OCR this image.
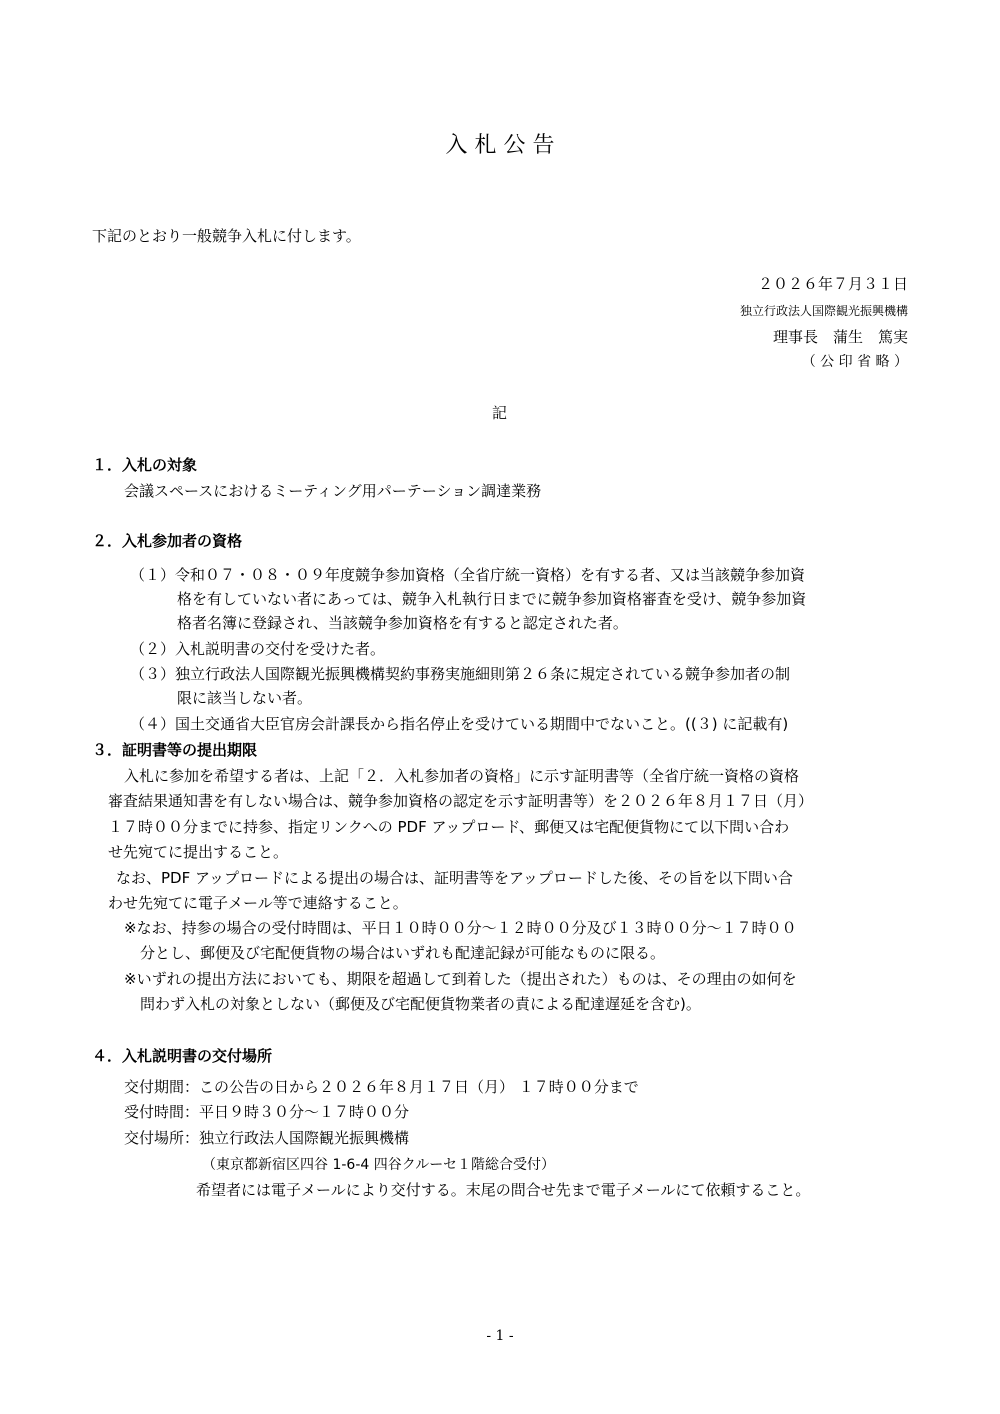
入 札 公 告
下記のとおり一般競争入札に付します。
２０２６年７月３１日
独立行政法人国際観光振興機構
理事長　蒲生　篤実
（ 公 印 省 略 ）
記
１．入札の対象
会議スペースにおけるミーティング用パーテーション調達業務
２．入札参加者の資格
（１）令和０７・０８・０９年度競争参加資格（全省庁統一資格）を有する者、又は当該競争参加資
格を有していない者にあっては、競争入札執行日までに競争参加資格審査を受け、競争参加資
格者名簿に登録され、当該競争参加資格を有すると認定された者。
（２）入札説明書の交付を受けた者。
（３）独立行政法人国際観光振興機構契約事務実施細則第２６条に規定されている競争参加者の制
限に該当しない者。
（４）国土交通省大臣官房会計課長から指名停止を受けている期間中でないこと。((３) に記載有)
３．証明書等の提出期限
入札に参加を希望する者は、上記「２．入札参加者の資格」に示す証明書等（全省庁統一資格の資格
審査結果通知書を有しない場合は、競争参加資格の認定を示す証明書等）を２０２６年８月１７日（月）
１７時００分までに持参、指定リンクへの PDF アップロード、郵便又は宅配便貨物にて以下問い合わ
せ先宛てに提出すること。
なお、PDF アップロードによる提出の場合は、証明書等をアップロードした後、その旨を以下問い合
わせ先宛てに電子メール等で連絡すること。
※なお、持参の場合の受付時間は、平日１０時００分～１２時００分及び１３時００分～１７時００
分とし、郵便及び宅配便貨物の場合はいずれも配達記録が可能なものに限る。
※いずれの提出方法においても、期限を超過して到着した（提出された）ものは、その理由の如何を
問わず入札の対象としない（郵便及び宅配便貨物業者の責による配達遅延を含む)。
４．入札説明書の交付場所
交付期間：この公告の日から２０２６年８月１７日（月） １７時００分まで
受付時間：平日９時３０分～１７時００分
交付場所：独立行政法人国際観光振興機構
（東京都新宿区四谷 1-6-4 四谷クルーセ１階総合受付）
希望者には電子メールにより交付する。末尾の問合せ先まで電子メールにて依頼すること。
- 1 -
